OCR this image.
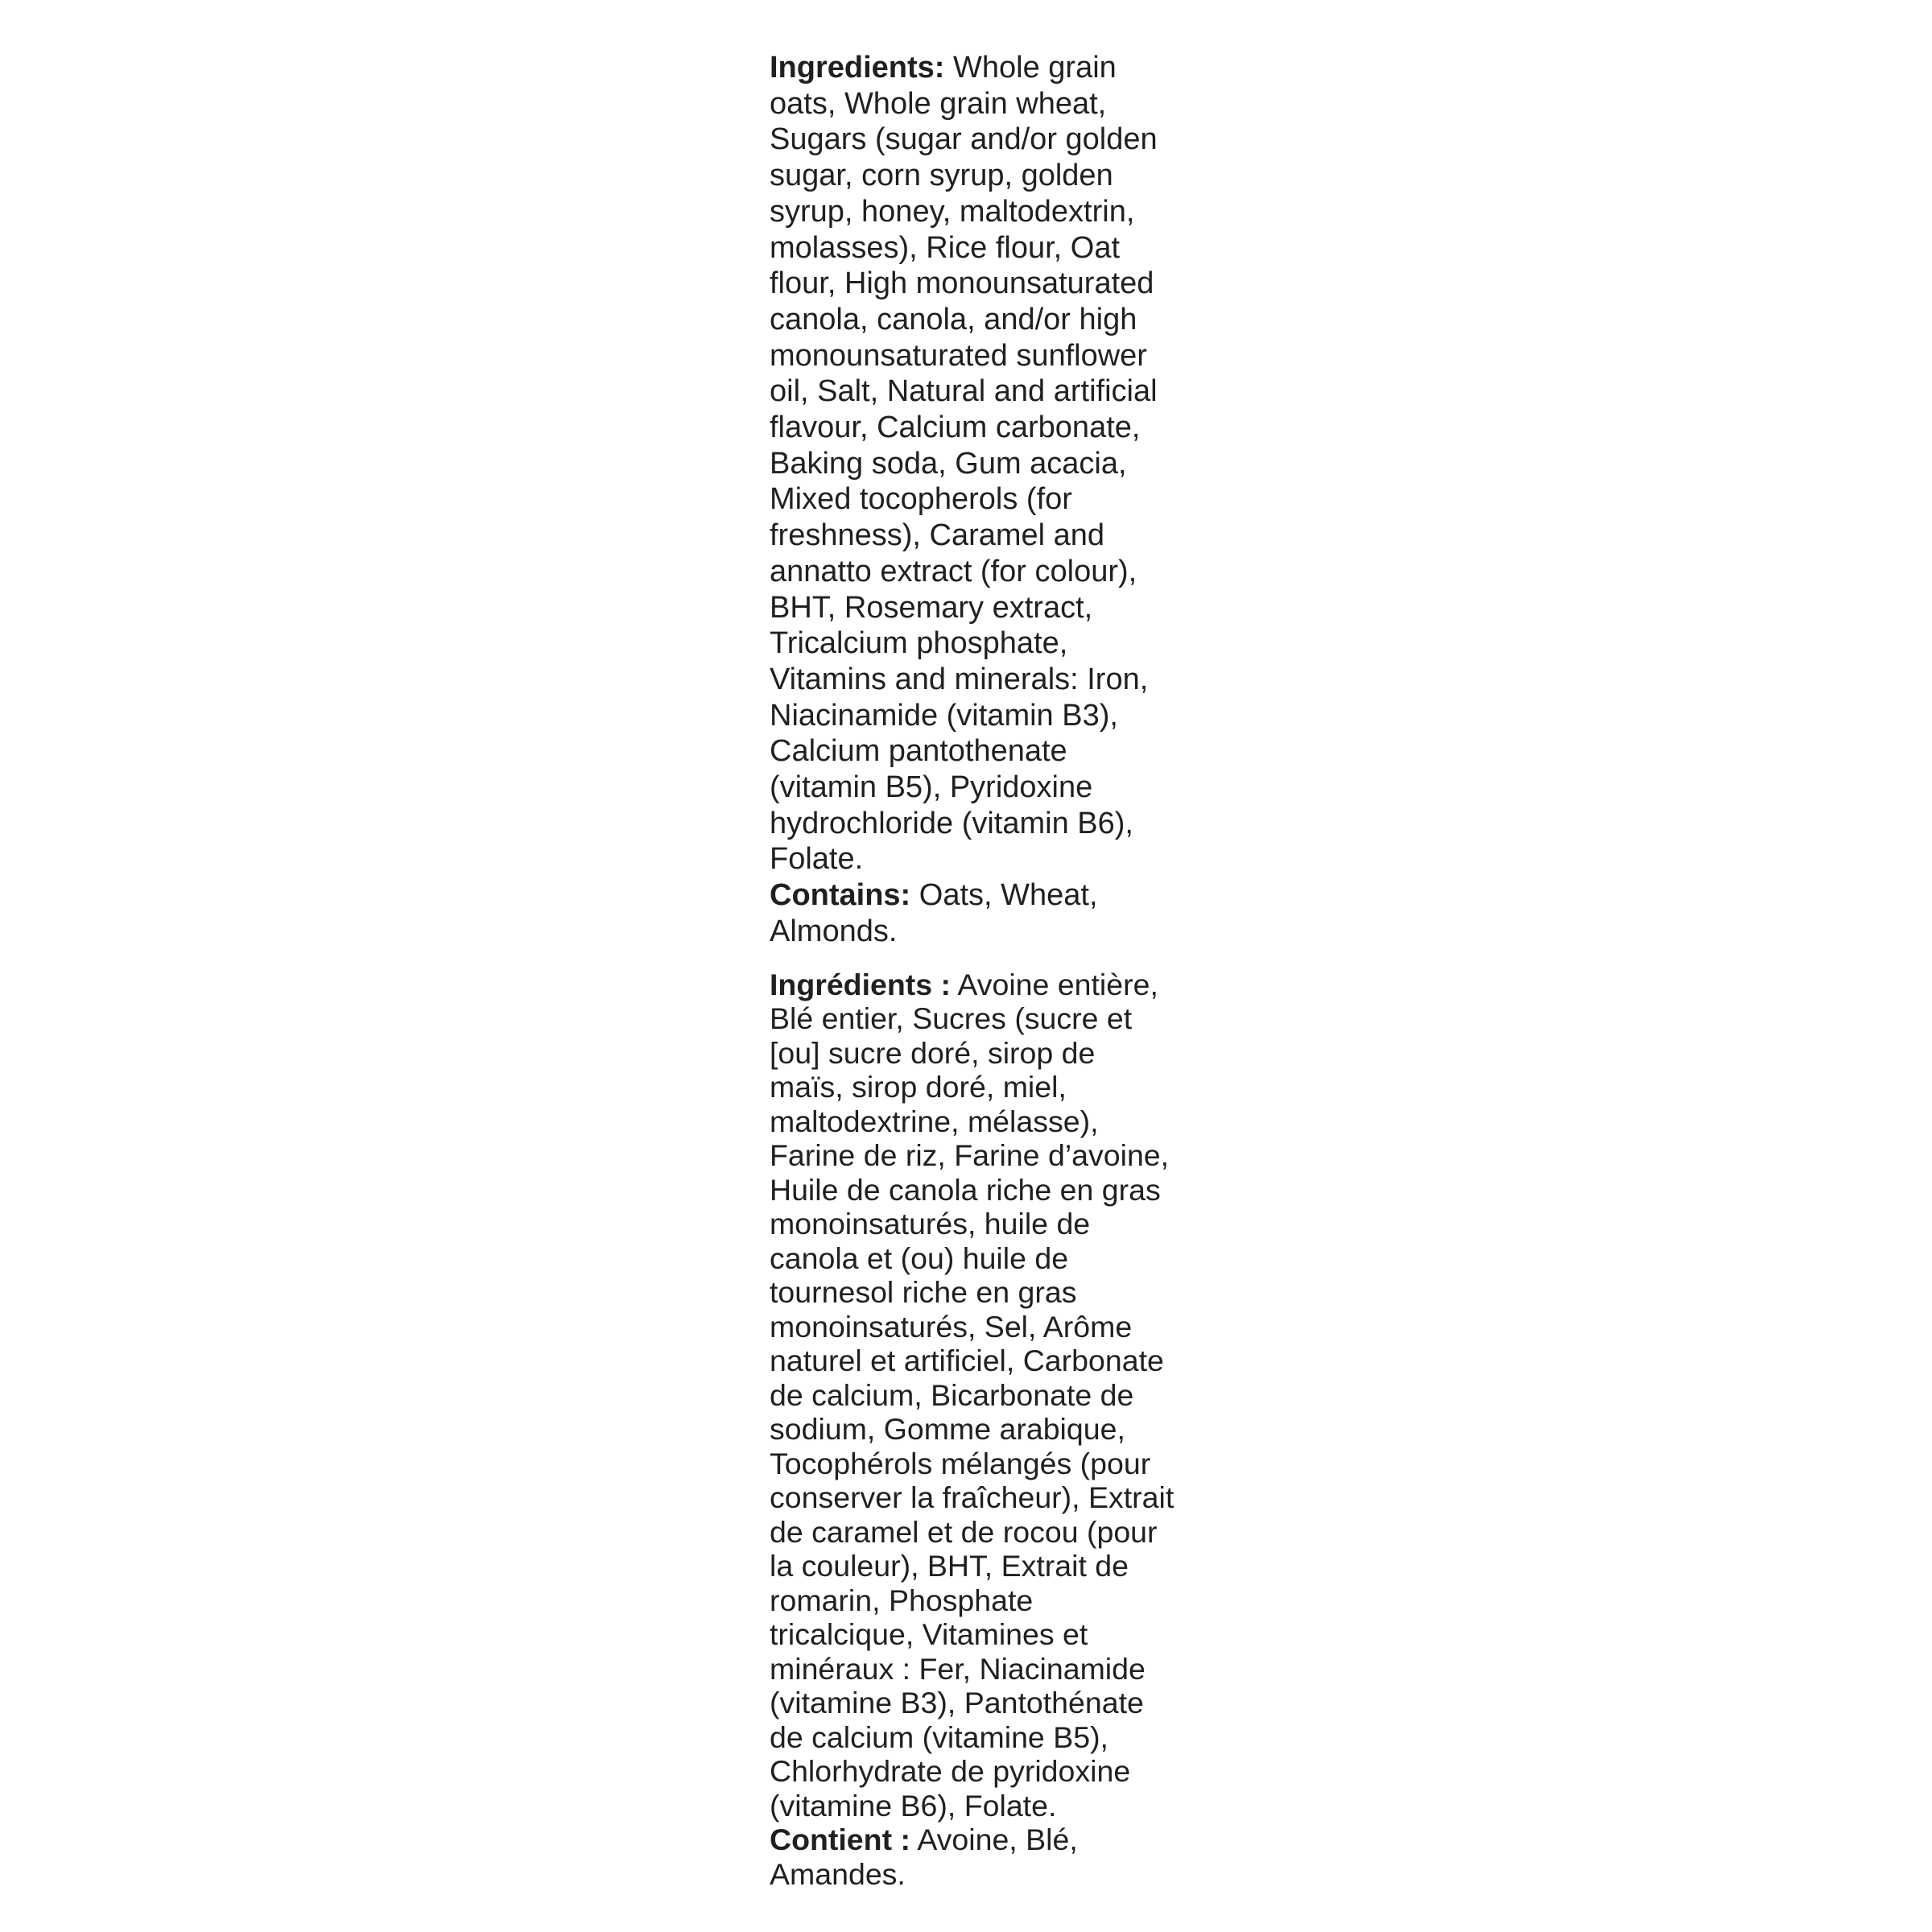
Ingredients: Whole grain
oats, Whole grain wheat,
Sugars (sugar and/or golden
sugar, corn syrup, golden
syrup, honey, maltodextrin,
molasses), Rice flour, Oat
flour, High monounsaturated
canola, canola, and/or high
monounsaturated sunflower
oil, Salt, Natural and artificial
flavour, Calcium carbonate,
Baking soda, Gum acacia,
Mixed tocopherols (for
freshness), Caramel and
annatto extract (for colour),
BHT, Rosemary extract,
Tricalcium phosphate,
Vitamins and minerals: Iron,
Niacinamide (vitamin B3),
Calcium pantothenate
(vitamin B5), Pyridoxine
hydrochloride (vitamin B6),
Folate.
Contains: Oats, Wheat,
Almonds.
Ingrédients : Avoine entière,
Blé entier, Sucres (sucre et
[ou] sucre doré, sirop de
maïs, sirop doré, miel,
maltodextrine, mélasse),
Farine de riz, Farine d’avoine,
Huile de canola riche en gras
monoinsaturés, huile de
canola et (ou) huile de
tournesol riche en gras
monoinsaturés, Sel, Arôme
naturel et artificiel, Carbonate
de calcium, Bicarbonate de
sodium, Gomme arabique,
Tocophérols mélangés (pour
conserver la fraîcheur), Extrait
de caramel et de rocou (pour
la couleur), BHT, Extrait de
romarin, Phosphate
tricalcique, Vitamines et
minéraux : Fer, Niacinamide
(vitamine B3), Pantothénate
de calcium (vitamine B5),
Chlorhydrate de pyridoxine
(vitamine B6), Folate.
Contient : Avoine, Blé,
Amandes.
